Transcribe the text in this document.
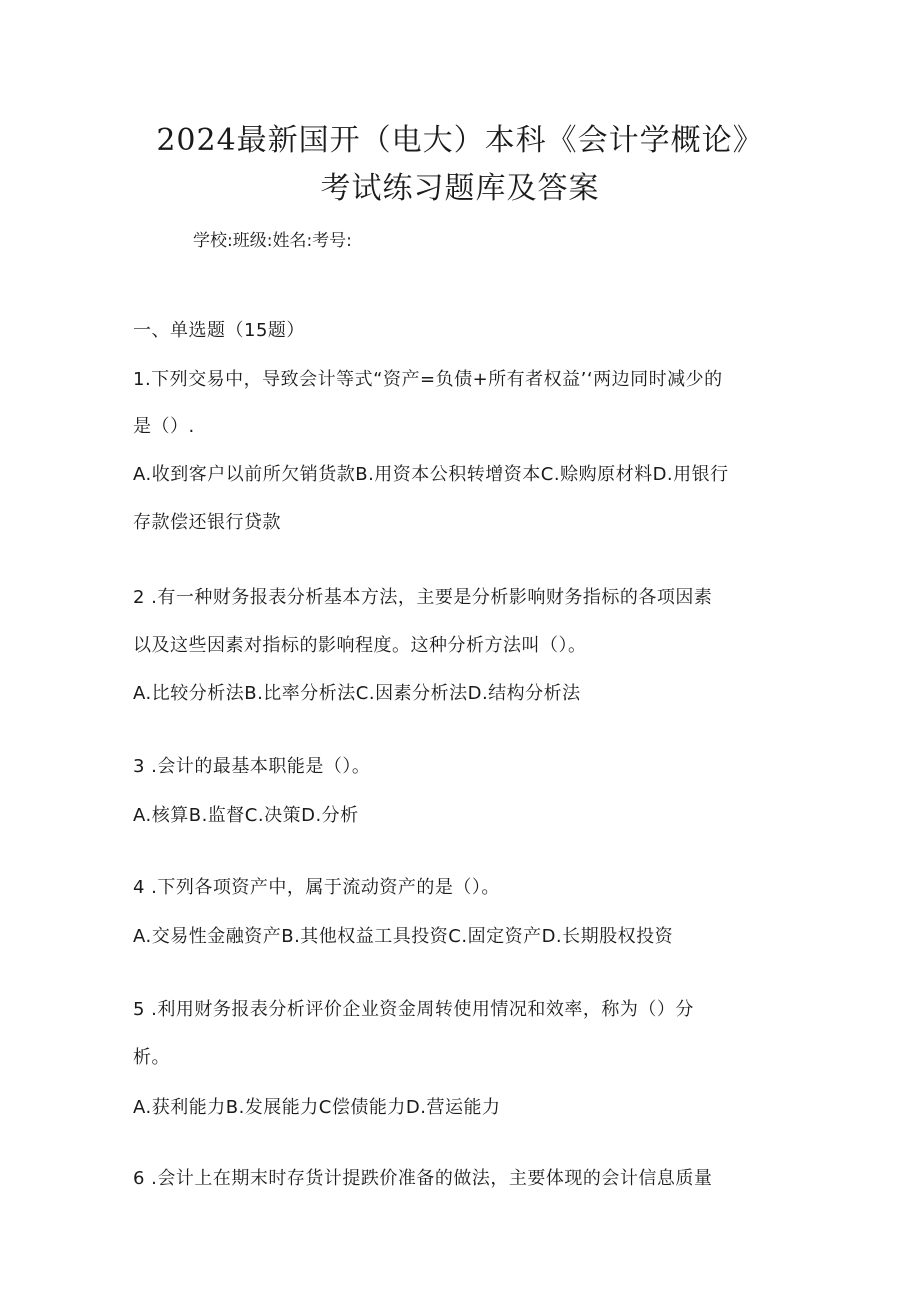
2024最新国开（电大）本科《会计学概论》
考试练习题库及答案
学校:班级:姓名:考号:
一、单选题（15题）
1.下列交易中，导致会计等式“资产=负债+所有者权益’‘两边同时减少的
是（）.
A.收到客户以前所欠销货款B.用资本公积转增资本C.赊购原材料D.用银行
存款偿还银行贷款
2 .有一种财务报表分析基本方法，主要是分析影响财务指标的各项因素
以及这些因素对指标的影响程度。这种分析方法叫（）。
A.比较分析法B.比率分析法C.因素分析法D.结构分析法
3 .会计的最基本职能是（）。
A.核算B.监督C.决策D.分析
4 .下列各项资产中，属于流动资产的是（）。
A.交易性金融资产B.其他权益工具投资C.固定资产D.长期股权投资
5 .利用财务报表分析评价企业资金周转使用情况和效率，称为（）分
析。
A.获利能力B.发展能力C偿债能力D.营运能力
6 .会计上在期末时存货计提跌价准备的做法，主要体现的会计信息质量
